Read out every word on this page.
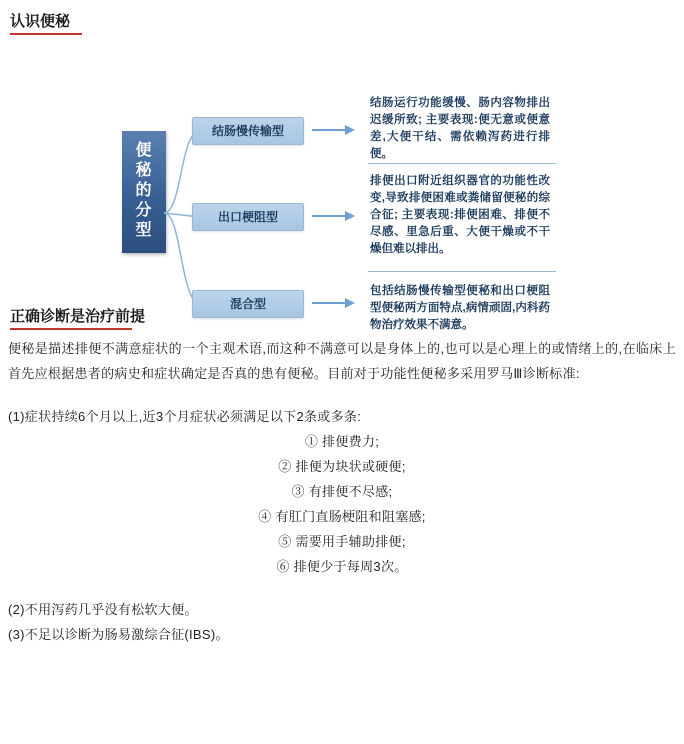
认识便秘
便
秘
的
分
型
结肠慢传输型
出口梗阻型
混合型
结肠运行功能缓慢、肠内容物排出迟缓所致; 主要表现:便无意或便意差,大便干结、需依赖泻药进行排便。
排便出口附近组织器官的功能性改变,导致排便困难或粪储留便秘的综合征; 主要表现:排便困难、排便不尽感、里急后重、大便干燥或不干燥但难以排出。
包括结肠慢传输型便秘和出口梗阻型便秘两方面特点,病情顽固,内科药物治疗效果不满意。
正确诊断是治疗前提

便秘是描述排便不满意症状的一个主观术语,而这种不满意可以是身体上的,也可以是心理上的或情绪上的,在临床上首先应根据患者的病史和症状确定是否真的患有便秘。目前对于功能性便秘多采用罗马Ⅲ诊断标准:

(1)症状持续6个月以上,近3个月症状必须满足以下2条或多条:

① 排便费力;

② 排便为块状或硬便;

③ 有排便不尽感;

④ 有肛门直肠梗阻和阻塞感;

⑤ 需要用手辅助排便;

⑥ 排便少于每周3次。

(2)不用泻药几乎没有松软大便。

(3)不足以诊断为肠易激综合征(IBS)。
